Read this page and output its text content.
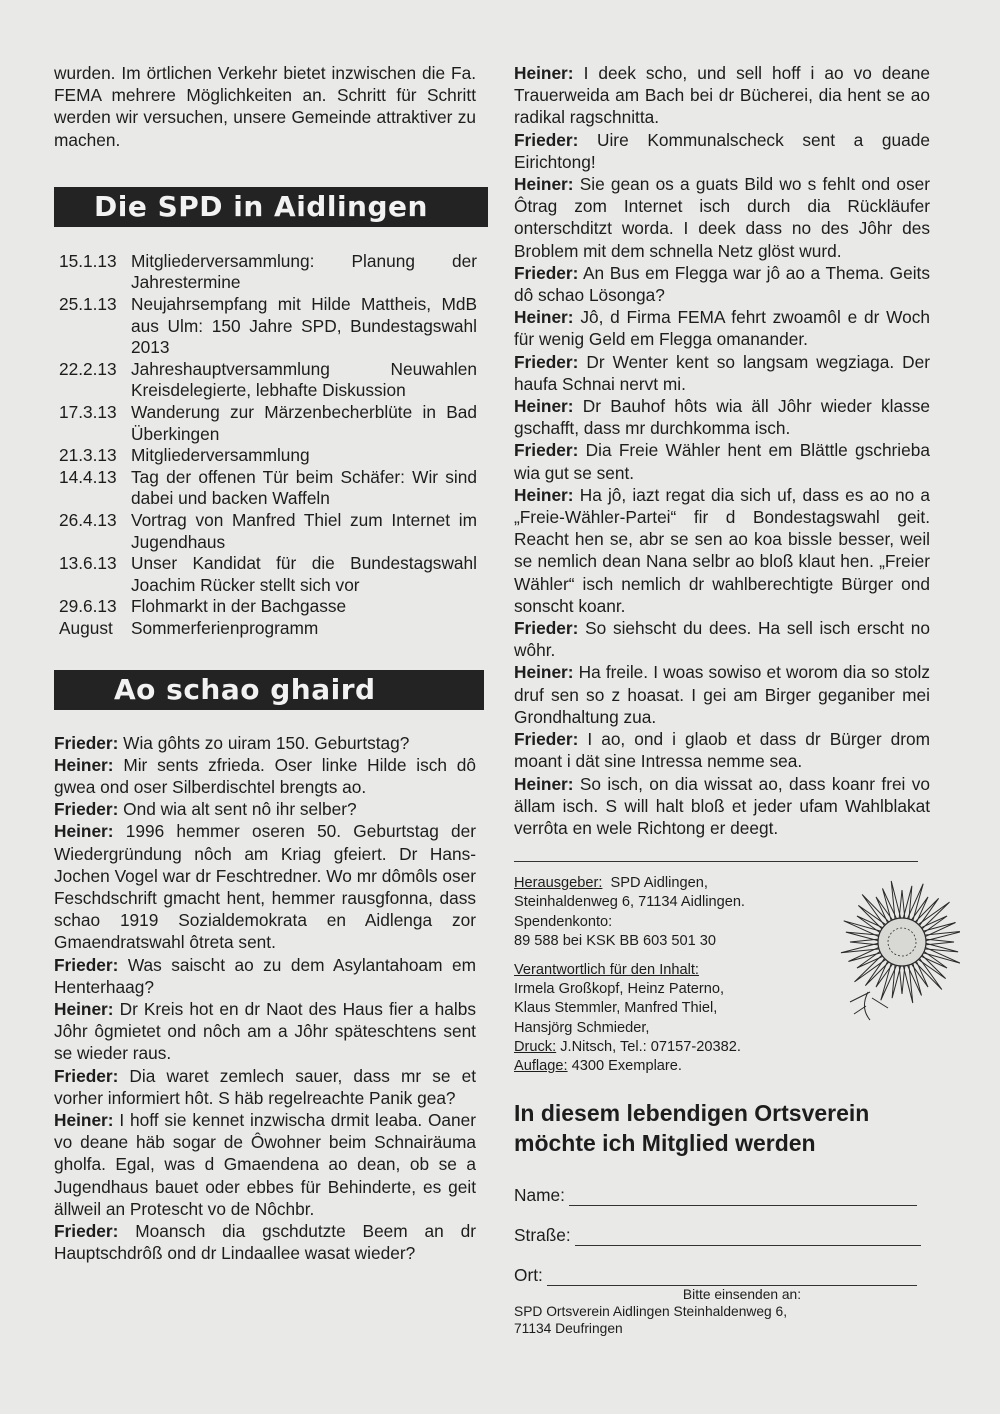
wurden. Im örtlichen Verkehr bietet inzwischen die Fa. FEMA mehrere Möglichkeiten an. Schritt für Schritt werden wir versuchen, unsere Gemeinde attraktiver zu machen.

Die SPD in Aidlingen
15.1.13	Mitgliederversammlung: Planung der Jahrestermine
25.1.13	Neujahrsempfang mit Hilde Mattheis, MdB aus Ulm: 150 Jahre SPD, Bundestagswahl 2013
22.2.13	Jahreshauptversammlung Neuwahlen Kreisdelegierte, lebhafte Diskussion
17.3.13	Wanderung zur Märzenbecherblüte in Bad Überkingen
21.3.13	Mitgliederversammlung
14.4.13	Tag der offenen Tür beim Schäfer: Wir sind dabei und backen Waffeln
26.4.13	Vortrag von Manfred Thiel zum Internet im Jugendhaus
13.6.13	Unser Kandidat für die Bundestagswahl Joachim Rücker stellt sich vor
29.6.13	Flohmarkt in der Bachgasse
August	Sommerferienprogramm
Ao schao ghaird

Frieder: Wia gôhts zo uiram 150. Geburtstag?

Heiner: Mir sents zfrieda. Oser linke Hilde isch dô gwea ond oser Silberdischtel brengts ao.

Frieder: Ond wia alt sent nô ihr selber?

Heiner: 1996 hemmer oseren 50. Geburtstag der Wiedergründung nôch am Kriag gfeiert. Dr Hans-Jochen Vogel war dr Feschtredner. Wo mr dômôls oser Feschdschrift gmacht hent, hemmer rausgfonna, dass schao 1919 Sozialdemokrata en Aidlenga zor Gmaendratswahl ôtreta sent.

Frieder: Was saischt ao zu dem Asylantahoam em Henterhaag?

Heiner: Dr Kreis hot en dr Naot des Haus fier a halbs Jôhr ôgmietet ond nôch am a Jôhr späteschtens sent se wieder raus.

Frieder: Dia waret zemlech sauer, dass mr se et vorher informiert hôt. S häb regelreachte Panik gea?

Heiner: I hoff sie kennet inzwischa drmit leaba. Oaner vo deane häb sogar de Ôwohner beim Schnairäuma gholfa. Egal, was d Gmaendena ao dean, ob se a Jugendhaus bauet oder ebbes für Behinderte, es geit ällweil an Protescht vo de Nôchbr.

Frieder: Moansch dia gschdutzte Beem an dr Hauptschdrôß ond dr Lindaallee wasat wieder?

Heiner: I deek scho, und sell hoff i ao vo deane Trauerweida am Bach bei dr Bücherei, dia hent se ao radikal ragschnitta.

Frieder: Uire Kommunalscheck sent a guade Eirichtong!

Heiner: Sie gean os a guats Bild wo s fehlt ond oser Ôtrag zom Internet isch durch dia Rückläufer onterschditzt worda. I deek dass no des Jôhr des Broblem mit dem schnella Netz glöst wurd.

Frieder: An Bus em Flegga war jô ao a Thema. Geits dô schao Lösonga?

Heiner: Jô, d Firma FEMA fehrt zwoamôl e dr Woch für wenig Geld em Flegga omanander.

Frieder: Dr Wenter kent so langsam wegziaga. Der haufa Schnai nervt mi.

Heiner: Dr Bauhof hôts wia äll Jôhr wieder klasse gschafft, dass mr durchkomma isch.

Frieder: Dia Freie Wähler hent em Blättle gschrieba wia gut se sent.

Heiner: Ha jô, iazt regat dia sich uf, dass es ao no a „Freie-Wähler-Partei“ fir d Bondestagswahl geit. Reacht hen se, abr se sen ao koa bissle besser, weil se nemlich dean Nana selbr ao bloß klaut hen. „Freier Wähler“ isch nemlich dr wahlberechtigte Bürger ond sonscht koanr.

Frieder: So siehscht du dees. Ha sell isch erscht no wôhr.

Heiner: Ha freile. I woas sowiso et worom dia so stolz druf sen so z hoasat. I gei am Birger geganiber mei Grondhaltung zua.

Frieder: I ao, ond i glaob et dass dr Bürger drom moant i dät sine Intressa nemme sea.

Heiner: So isch, on dia wissat ao, dass koanr frei vo ällam isch. S will halt bloß et jeder ufam Wahlblakat verrôta en wele Richtong er deegt.

Herausgeber: SPD Aidlingen,
Steinhaldenweg 6, 71134 Aidlingen.
Spendenkonto:
89 588 bei KSK BB 603 501 30
Verantwortlich für den Inhalt:
Irmela Großkopf, Heinz Paterno,
Klaus Stemmler, Manfred Thiel,
Hansjörg Schmieder,
Druck: J.Nitsch, Tel.: 07157-20382.
Auflage: 4300 Exemplare.
In diesem lebendigen Ortsverein
möchte ich Mitglied werden
Name:
Straße:
Ort:
Bitte einsenden an:
SPD Ortsverein Aidlingen Steinhaldenweg 6,
71134 Deufringen
